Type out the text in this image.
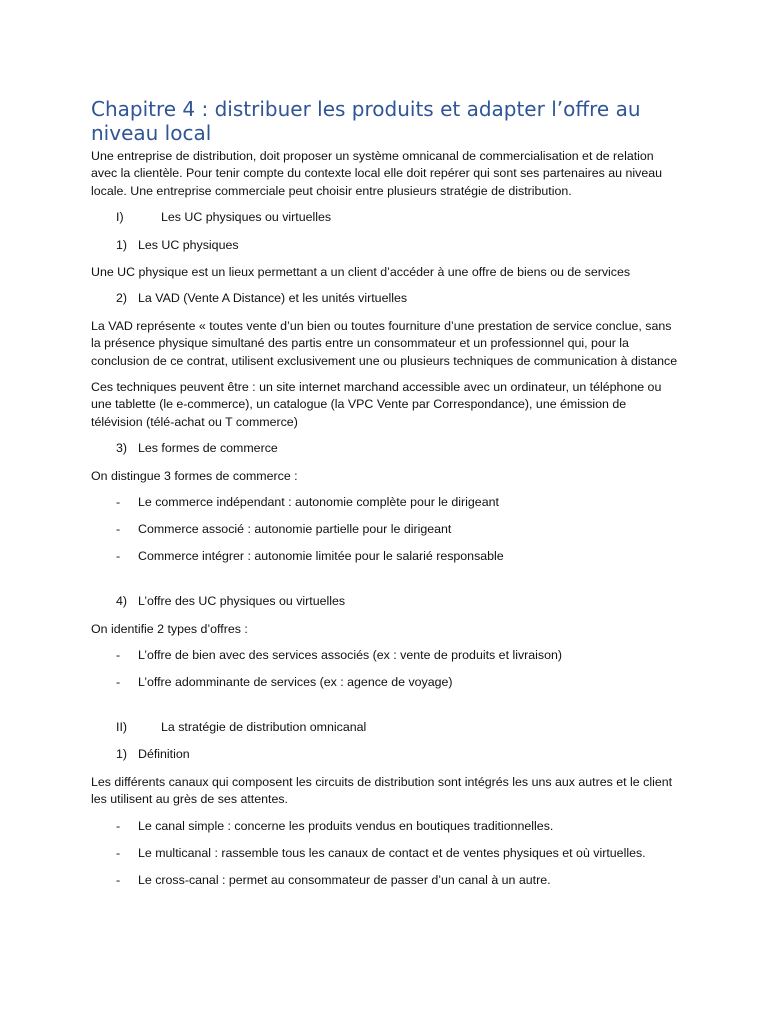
Chapitre 4 : distribuer les produits et adapter l’offre au niveau local

Une entreprise de distribution, doit proposer un système omnicanal de commercialisation et de relation avec la clientèle. Pour tenir compte du contexte local elle doit repérer qui sont ses partenaires au niveau locale. Une entreprise commerciale peut choisir entre plusieurs stratégie de distribution.

I)	Les UC physiques ou virtuelles
1) Les UC physiques

Une UC physique est un lieux permettant a un client d’accéder à une offre de biens ou de services

2) La VAD (Vente A Distance) et les unités virtuelles

La VAD représente « toutes vente d’un bien ou toutes fourniture d’une prestation de service conclue, sans la présence physique simultané des partis entre un consommateur et un professionnel qui, pour la conclusion de ce contrat, utilisent exclusivement une ou plusieurs techniques de communication à distance

Ces techniques peuvent être : un site internet marchand accessible avec un ordinateur, un téléphone ou une tablette (le e-commerce), un catalogue (la VPC Vente par Correspondance), une émission de télévision (télé-achat ou T commerce)

3) Les formes de commerce

On distingue 3 formes de commerce :

-	Le commerce indépendant : autonomie complète pour le dirigeant
-	Commerce associé : autonomie partielle pour le dirigeant
-	Commerce intégrer : autonomie limitée pour le salarié responsable
4) L’offre des UC physiques ou virtuelles

On identifie 2 types d’offres :

-	L’offre de bien avec des services associés (ex : vente de produits et livraison)
-	L’offre adomminante de services (ex : agence de voyage)
II)	La stratégie de distribution omnicanal
1) Définition

Les différents canaux qui composent les circuits de distribution sont intégrés les uns aux autres et le client les utilisent au grès de ses attentes.

-	Le canal simple : concerne les produits vendus en boutiques traditionnelles.
-	Le multicanal : rassemble tous les canaux de contact et de ventes physiques et où virtuelles.
-	Le cross-canal : permet au consommateur de passer d’un canal à un autre.
